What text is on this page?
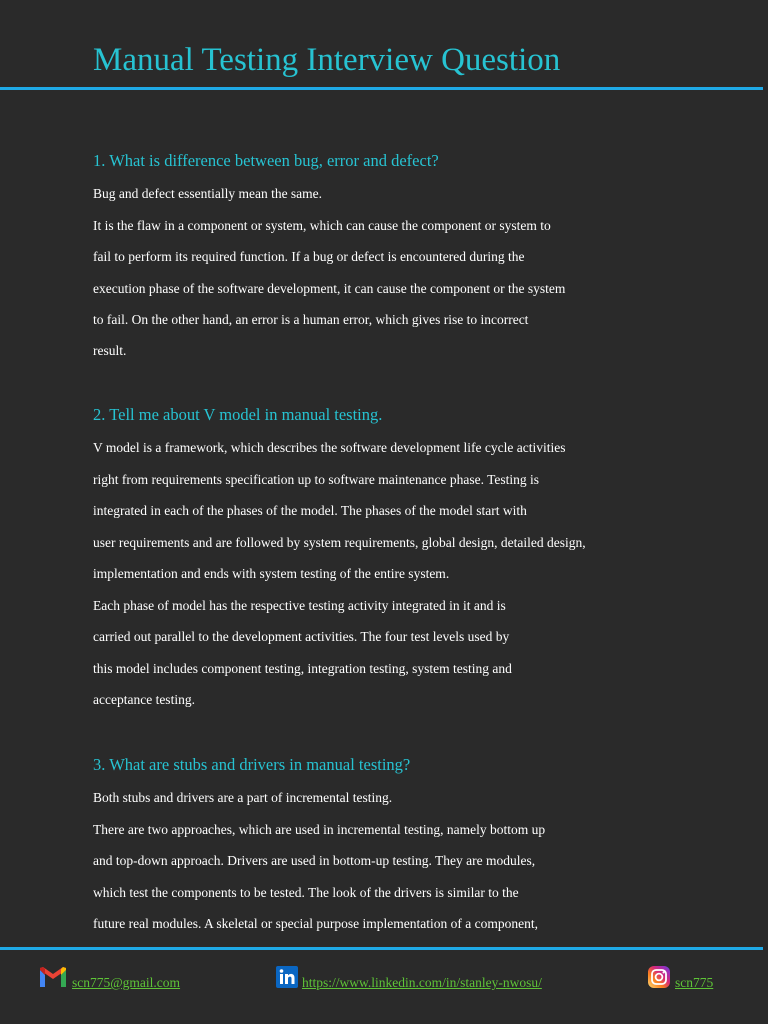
Manual Testing Interview Question
1. What is difference between bug, error and defect?
Bug and defect essentially mean the same.
It is the flaw in a component or system, which can cause the component or system to
fail to perform its required function. If a bug or defect is encountered during the
execution phase of the software development, it can cause the component or the system
to fail. On the other hand, an error is a human error, which gives rise to incorrect
result.
2. Tell me about V model in manual testing.
V model is a framework, which describes the software development life cycle activities
right from requirements specification up to software maintenance phase. Testing is
integrated in each of the phases of the model. The phases of the model start with
user requirements and are followed by system requirements, global design, detailed design,
implementation and ends with system testing of the entire system.
Each phase of model has the respective testing activity integrated in it and is
carried out parallel to the development activities. The four test levels used by
this model includes component testing, integration testing, system testing and
acceptance testing.
3. What are stubs and drivers in manual testing?
Both stubs and drivers are a part of incremental testing.
There are two approaches, which are used in incremental testing, namely bottom up
and top-down approach. Drivers are used in bottom-up testing. They are modules,
which test the components to be tested. The look of the drivers is similar to the
future real modules. A skeletal or special purpose implementation of a component,
scn775@gmail.com	https://www.linkedin.com/in/stanley-nwosu/	scn775
